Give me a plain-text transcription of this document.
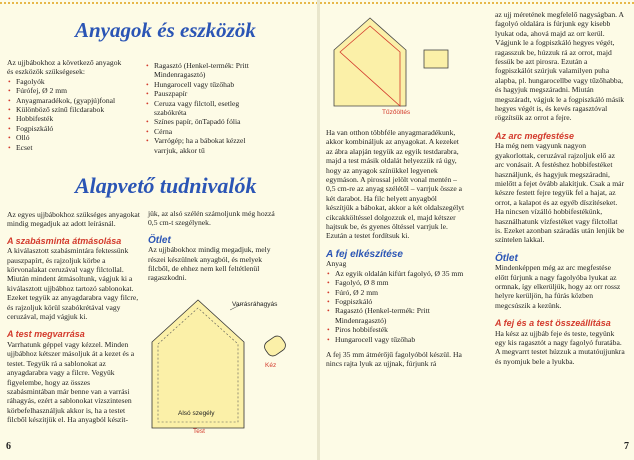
Anyagok és eszközök
Az ujjbábokhoz a következő anyagok és eszközök szükségesek:
• Fagolyók
• Fúrófej, Ø 2 mm
• Anyagmaradékok, (gyapjú)fonal
• Különböző színű filcdarabok
• Hobbifesték
• Fogpiszkáló
• Olló
• Ecset
• Ragasztó (Henkel-termék: Pritt Mindenragasztó)
• Hungarocell vagy tűzőhab
• Pauszpapír
• Ceruza vagy filctoll, esetleg szabókréta
• Színes papír, önTapadó fólia
• Cérna
• Varrógép; ha a bábokat kézzel varrjuk, akkor tű
Alapvető tudnivalók
Az egyes ujjbábokhoz szükséges anyagokat mindig megadjuk az adott leírásnál.
A szabásminta átmásolása
A kiválasztott szabásmintára fektessünk pauszpapírt, és rajzoljuk körbe a körvonalakat ceruzával vagy filctollal. Miután mindent átmásoltunk, vágjuk ki a kiválasztott ujjbábhoz tartozó sablonokat. Ezeket tegyük az anyagdarabra vagy filcre, és rajzoljuk körül szabókrétával vagy ceruzával, majd vágjuk ki.
A test megvarrása
Varrhatunk géppel vagy kézzel. Minden ujjbábhoz kétszer másoljuk át a kezet és a testet. Tegyük rá a sablonokat az anyagdarabra vagy a filcre. Vegyük figyelembe, hogy az összes szabásmintában már benne van a varrási ráhagyás, ezért a sablonokat vízszintesen körbefelhasználjuk akkor is, ha a testet filcből készítjük el. Ha anyagból készít-
jük, az alsó szélén számoljunk még hozzá 0,5 cm-t szegélynek.
Ötlet
Az ujjbábokhoz mindig megadjuk, mely részei készülnek anyagból, és melyek filcből, de ehhez nem kell feltétlenül ragaszkodni.
Varrásráhagyás
Alsó szegély
Test
Kéz
6
Tűzőöltés
Ha van otthon többféle anyagmaradékunk, akkor kombináljuk az anyagokat. A kezeket az ábra alapján tegyük az egyik testdarabra, majd a test másik oldalát helyezzük rá úgy, hogy az anyagok színükkel legyenek egymáson. A pirossal jelölt vonal mentén – 0,5 cm-re az anyag szélétől – varrjuk össze a két darabot. Ha filc helyett anyagból készítjük a bábokat, akkor a két oldalszegélyt cikcakköltéssel dolgozzuk el, majd kétszer hajtsuk be, és gyenes öltéssel varrjuk le. Ezután a testet fordítsuk ki.
A fej elkészítése
Anyag
• Az egyik oldalán kifúrt fagolyó, Ø 35 mm
• Fagolyó, Ø 8 mm
• Fúró, Ø 2 mm
• Fogpiszkáló
• Ragasztó (Henkel-termék: Pritt Mindenragasztó)
• Piros hobbifesték
• Hungarocell vagy tűzőhab
A fej 35 mm átmérőjű fagolyóból készül. Ha nincs rajta lyuk az ujjnak, fúrjunk rá
az ujj méretének megfelelő nagyságban. A fagolyó oldalára is fúrjunk egy kisebb lyukat oda, ahová majd az orr kerül. Vágjunk le a fogpiszkáló hegyes végét, ragasszuk be, húzzuk rá az orrot, majd fessük be azt pirosra. Ezután a fogpiszkálót szúrjuk valamilyen puha alapba, pl. hungarocellbe vagy tűzőhabba, és hagyjuk megszáradni. Miután megszáradt, vágjuk le a fogpiszkáló másik hegyes végét is, és kevés ragasztóval rögzítsük az orrot a fejre.
Az arc megfestése
Ha még nem vagyunk nagyon gyakorlottak, ceruzával rajzoljuk elő az arc vonásait. A festéshez hobbifestéket használjunk, és hagyjuk megszáradni, mielőtt a fejet övább alakítjuk. Csak a már készre festett fejre tegyük fel a hajat, az orrot, a kalapot és az egyéb díszítéseket. Ha nincsen vízálló hobbifestékünk, használhatunk vízfestéket vagy filctollat is. Ezeket azonban száradás után lenjük be színtelen lakkal.
Ötlet
Mindenképpen még az arc megfestése előtt fúrjunk a nagy fagolyóba lyukat az ormnak, így elkerüljük, hogy az orr rossz helyre kerüljön, ha fúrás közben megcsúszik a kezünk.
A fej és a test összeállítása
Ha kész az ujjbáb feje és teste, tegyünk egy kis ragasztót a nagy fagolyó furatába. A megvarrt testet húzzuk a mutatóujjunkra és nyomjuk bele a lyukba.
7
